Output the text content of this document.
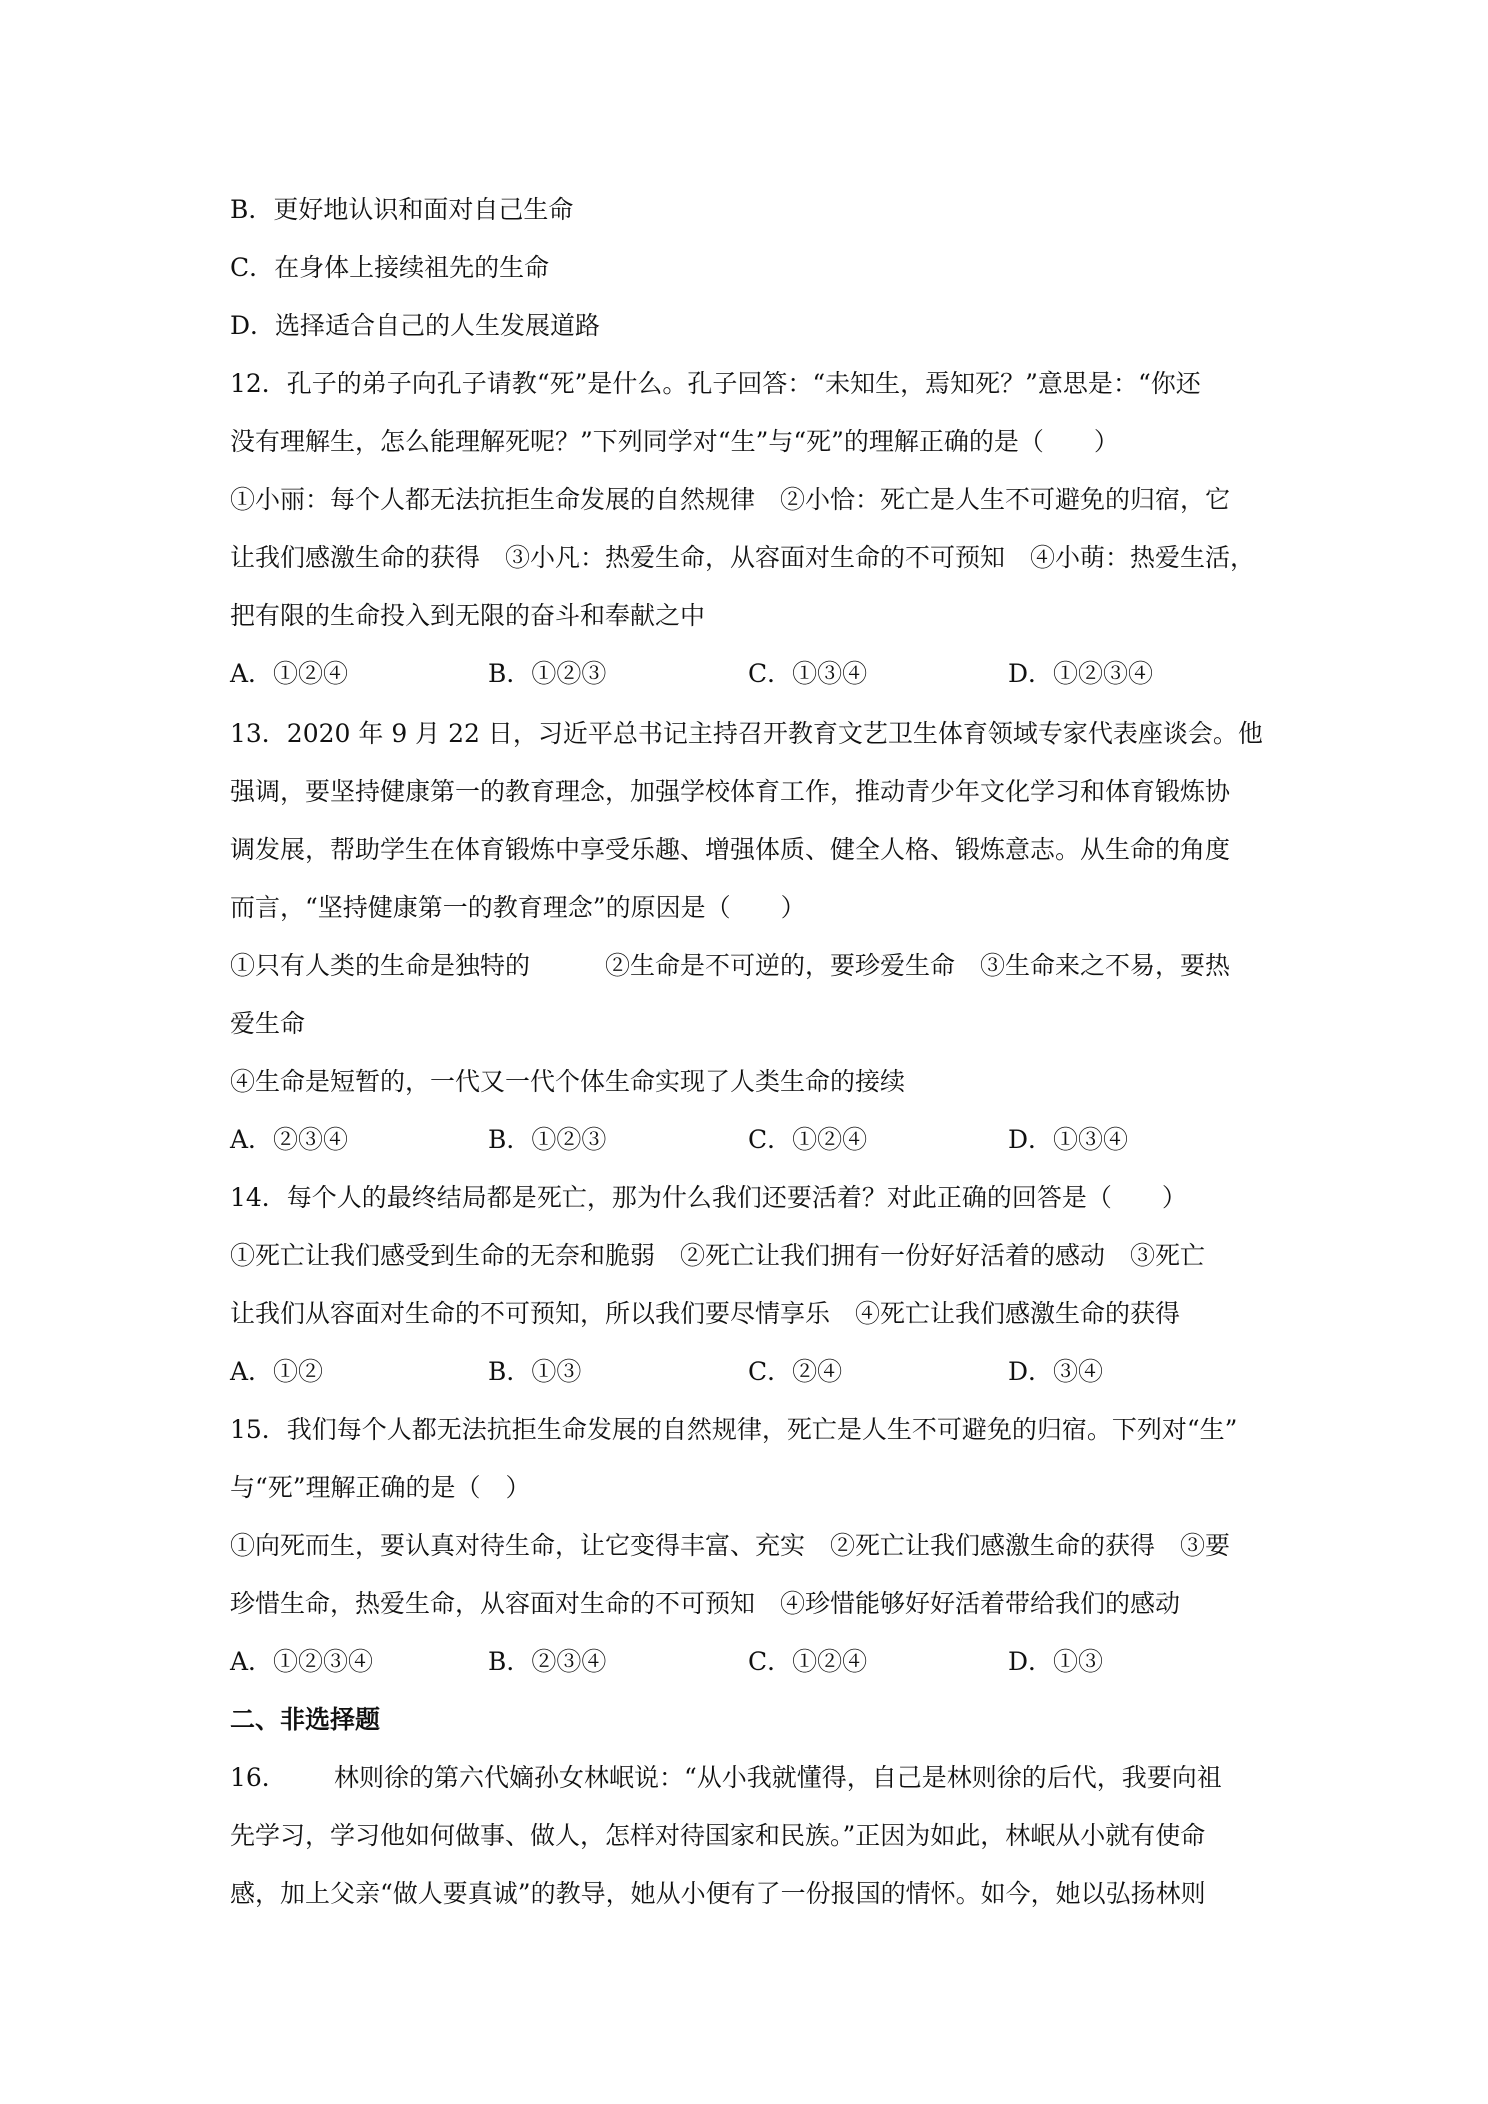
B．更好地认识和面对自己生命
C．在身体上接续祖先的生命
D．选择适合自己的人生发展道路
12．孔子的弟子向孔子请教“死”是什么。孔子回答：“未知生，焉知死？”意思是：“你还
没有理解生，怎么能理解死呢？”下列同学对“生”与“死”的理解正确的是（　　）
①小丽：每个人都无法抗拒生命发展的自然规律　②小恰：死亡是人生不可避免的归宿，它
让我们感激生命的获得　③小凡：热爱生命，从容面对生命的不可预知　④小萌：热爱生活，
把有限的生命投入到无限的奋斗和奉献之中
A．①②④	B．①②③	C．①③④	D．①②③④
13．2020 年 9 月 22 日，习近平总书记主持召开教育文艺卫生体育领域专家代表座谈会。他
强调，要坚持健康第一的教育理念，加强学校体育工作，推动青少年文化学习和体育锻炼协
调发展，帮助学生在体育锻炼中享受乐趣、增强体质、健全人格、锻炼意志。从生命的角度
而言，“坚持健康第一的教育理念”的原因是（　　）
①只有人类的生命是独特的　　　②生命是不可逆的，要珍爱生命　③生命来之不易，要热
爱生命
④生命是短暂的，一代又一代个体生命实现了人类生命的接续
A．②③④	B．①②③	C．①②④	D．①③④
14．每个人的最终结局都是死亡，那为什么我们还要活着？对此正确的回答是（　　）
①死亡让我们感受到生命的无奈和脆弱　②死亡让我们拥有一份好好活着的感动　③死亡
让我们从容面对生命的不可预知，所以我们要尽情享乐　④死亡让我们感激生命的获得
A．①②	B．①③	C．②④	D．③④
15．我们每个人都无法抗拒生命发展的自然规律，死亡是人生不可避免的归宿。下列对“生”
与“死”理解正确的是（　）
①向死而生，要认真对待生命，让它变得丰富、充实　②死亡让我们感激生命的获得　③要
珍惜生命，热爱生命，从容面对生命的不可预知　④珍惜能够好好活着带给我们的感动
A．①②③④	B．②③④	C．①②④	D．①③
二、非选择题
16． 林则徐的第六代嫡孙女林岷说：“从小我就懂得，自己是林则徐的后代，我要向祖
先学习，学习他如何做事、做人，怎样对待国家和民族。”正因为如此，林岷从小就有使命
感，加上父亲“做人要真诚”的教导，她从小便有了一份报国的情怀。如今，她以弘扬林则
